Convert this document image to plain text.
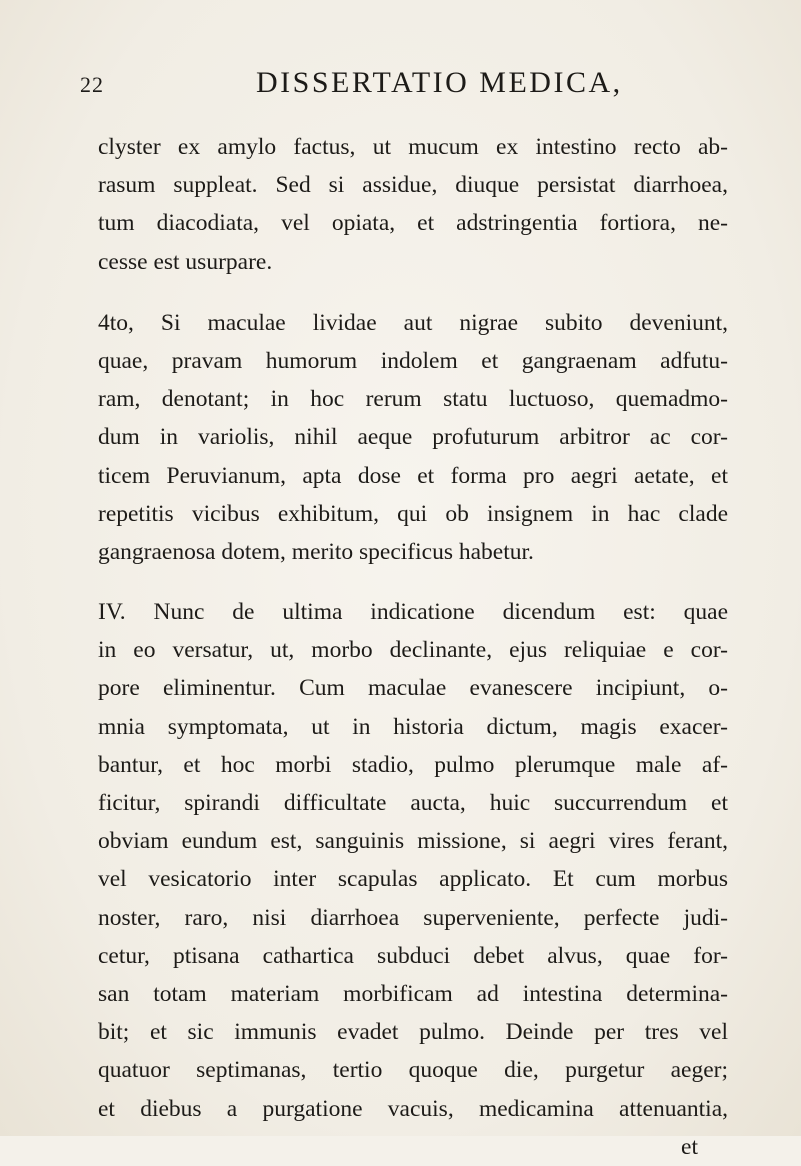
22	DISSERTATIO MEDICA,
clyster ex amylo factus, ut mucum ex intestino recto ab-
rasum suppleat. Sed si assidue, diuque persistat diarrhoea,
tum diacodiata, vel opiata, et adstringentia fortiora, ne-
cesse est usurpare.
4to, Si maculae lividae aut nigrae subito deveniunt,
quae, pravam humorum indolem et gangraenam adfutu-
ram, denotant; in hoc rerum statu luctuoso, quemadmo-
dum in variolis, nihil aeque profuturum arbitror ac cor-
ticem Peruvianum, apta dose et forma pro aegri aetate, et
repetitis vicibus exhibitum, qui ob insignem in hac clade
gangraenosa dotem, merito specificus habetur.
IV. Nunc de ultima indicatione dicendum est: quae
in eo versatur, ut, morbo declinante, ejus reliquiae e cor-
pore eliminentur. Cum maculae evanescere incipiunt, o-
mnia symptomata, ut in historia dictum, magis exacer-
bantur, et hoc morbi stadio, pulmo plerumque male af-
ficitur, spirandi difficultate aucta, huic succurrendum et
obviam eundum est, sanguinis missione, si aegri vires ferant,
vel vesicatorio inter scapulas applicato. Et cum morbus
noster, raro, nisi diarrhoea superveniente, perfecte judi-
cetur, ptisana cathartica subduci debet alvus, quae for-
san totam materiam morbificam ad intestina determina-
bit; et sic immunis evadet pulmo. Deinde per tres vel
quatuor septimanas, tertio quoque die, purgetur aeger;
et diebus a purgatione vacuis, medicamina attenuantia,
et
